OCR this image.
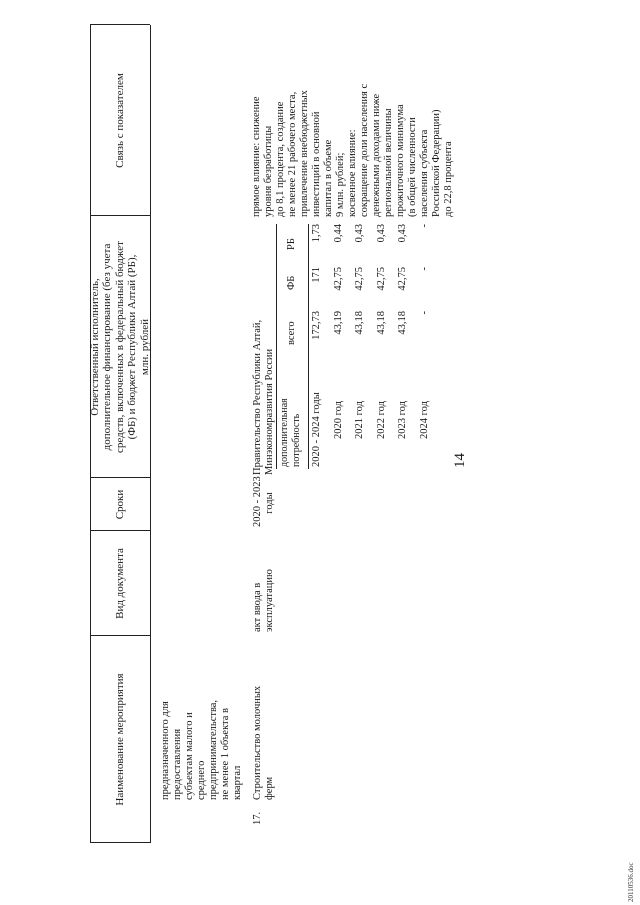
14
20110536.doc
Наименование мероприятия
Вид документа
Сроки
Ответственный исполнитель, дополнительное финансирование (без учета средств, включенных в федеральный бюджет (ФБ) и бюджет Республики Алтай (РБ), млн. рублей
Связь с показателем
предназначенного для предоставления субъектам малого и среднего предпринимательства, не менее 1 объекта в квартал
17.
Строительство молочных ферм
акт ввода в эксплуатацию
2020 - 2023 годы
Правительство Республики Алтай, Минэкономразвития России дополнительная потребность
всего
ФБ
РБ
2020 - 2024 годы
172,73
171
1,73
2020 год
43,19
42,75
0,44
2021 год
43,18
42,75
0,43
2022 год
43,18
42,75
0,43
2023 год
43,18
42,75
0,43
2024 год
-
-
-
прямое влияние: снижение уровня безработицы до 8,1 процента, создание не менее 21 рабочего места, привлечение внебюджетных инвестиций в основной капитал в объеме 9 млн. рублей; косвенное влияние: сокращение доли населения с денежными доходами ниже региональной величины прожиточного минимума (в общей численности населения субъекта Российской Федерации) до 22,8 процента
